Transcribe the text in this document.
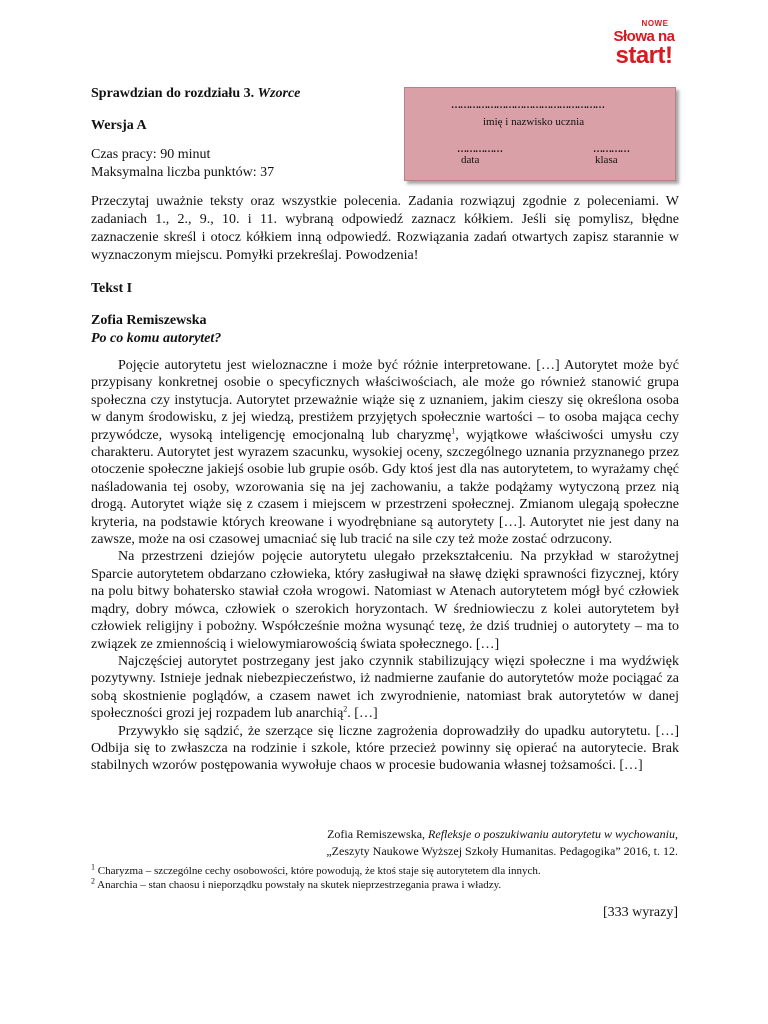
NOWE
Słowa na
start!
Sprawdzian do rozdziału 3. Wzorce
Wersja A
Czas pracy: 90 minut
Maksymalna liczba punktów: 37
……………………………………………
imię i nazwisko ucznia
……………
data
…………
klasa
Przeczytaj uważnie teksty oraz wszystkie polecenia. Zadania rozwiązuj zgodnie z poleceniami. W zadaniach 1., 2., 9., 10. i 11. wybraną odpowiedź zaznacz kółkiem. Jeśli się pomylisz, błędne zaznaczenie skreśl i otocz kółkiem inną odpowiedź. Rozwiązania zadań otwartych zapisz starannie w wyznaczonym miejscu. Pomyłki przekreślaj. Powodzenia!
Tekst I
Zofia Remiszewska
Po co komu autorytet?

Pojęcie autorytetu jest wieloznaczne i może być różnie interpretowane. […] Autorytet może być przypisany konkretnej osobie o specyficznych właściwościach, ale może go również stanowić grupa społeczna czy instytucja. Autorytet przeważnie wiąże się z uznaniem, jakim cieszy się określona osoba w danym środowisku, z jej wiedzą, prestiżem przyjętych społecznie wartości – to osoba mająca cechy przywódcze, wysoką inteligencję emocjonalną lub charyzmę$^1$, wyjątkowe właściwości umysłu czy charakteru. Autorytet jest wyrazem szacunku, wysokiej oceny, szczególnego uznania przyznanego przez otoczenie społeczne jakiejś osobie lub grupie osób. Gdy ktoś jest dla nas autorytetem, to wyrażamy chęć naśladowania tej osoby, wzorowania się na jej zachowaniu, a także podążamy wytyczoną przez nią drogą. Autorytet wiąże się z czasem i miejscem w przestrzeni społecznej. Zmianom ulegają społeczne kryteria, na podstawie których kreowane i wyodrębniane są autorytety […]. Autorytet nie jest dany na zawsze, może na osi czasowej umacniać się lub tracić na sile czy też może zostać odrzucony.

Na przestrzeni dziejów pojęcie autorytetu ulegało przekształceniu. Na przykład w starożytnej Sparcie autorytetem obdarzano człowieka, który zasługiwał na sławę dzięki sprawności fizycznej, który na polu bitwy bohatersko stawiał czoła wrogowi. Natomiast w Atenach autorytetem mógł być człowiek mądry, dobry mówca, człowiek o szerokich horyzontach. W średniowieczu z kolei autorytetem był człowiek religijny i pobożny. Współcześnie można wysunąć tezę, że dziś trudniej o autorytety – ma to związek ze zmiennością i wielowymiarowością świata społecznego. […]

Najczęściej autorytet postrzegany jest jako czynnik stabilizujący więzi społeczne i ma wydźwięk pozytywny. Istnieje jednak niebezpieczeństwo, iż nadmierne zaufanie do autorytetów może pociągać za sobą skostnienie poglądów, a czasem nawet ich zwyrodnienie, natomiast brak autorytetów w danej społeczności grozi jej rozpadem lub anarchią$^2$. […]

Przywykło się sądzić, że szerzące się liczne zagrożenia doprowadziły do upadku autorytetu. […] Odbija się to zwłaszcza na rodzinie i szkole, które przecież powinny się opierać na autorytecie. Brak stabilnych wzorów postępowania wywołuje chaos w procesie budowania własnej tożsamości. […]

Zofia Remiszewska, Refleksje o poszukiwaniu autorytetu w wychowaniu,
„Zeszyty Naukowe Wyższej Szkoły Humanitas. Pedagogika” 2016, t. 12.
$^1$ Charyzma – szczególne cechy osobowości, które powodują, że ktoś staje się autorytetem dla innych.
$^2$ Anarchia – stan chaosu i nieporządku powstały na skutek nieprzestrzegania prawa i władzy.
[333 wyrazy]
